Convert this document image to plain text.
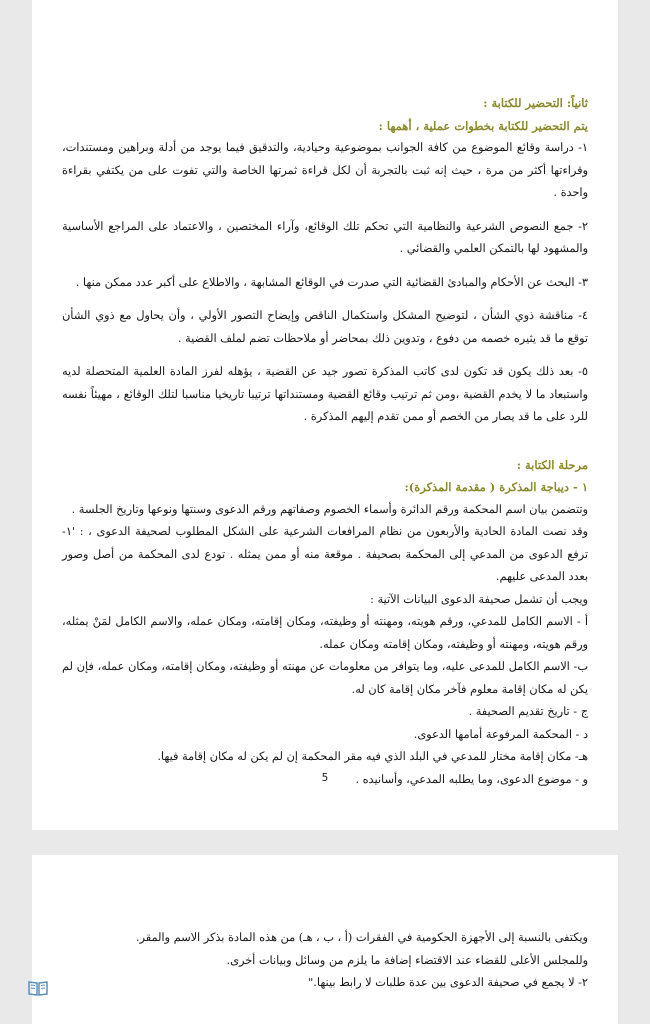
ثانياً: التحضير للكتابة :
يتم التحضير للكتابة بخطوات عملية ، أهمها :

١- دراسة وقائع الموضوع من كافة الجوانب بموضوعية وحيادية، والتدقيق فيما يوجد من أدلة وبراهين ومستندات، وقراءتها أكثر من مرة ، حيث إنه ثبت بالتجربة أن لكل قراءة ثمرتها الخاصة والتي تفوت على من يكتفي بقراءة واحدة .

٢- جمع النصوص الشرعية والنظامية التي تحكم تلك الوقائع، وآراء المختصين ، والاعتماد على المراجع الأساسية والمشهود لها بالتمكن العلمي والقضائي .

٣- البحث عن الأحكام والمبادئ القضائية التي صدرت في الوقائع المشابهة ، والاطلاع على أكبر عدد ممكن منها .

٤- مناقشة ذوي الشأن ، لتوضيح المشكل واستكمال الناقص وإيضاح التصور الأولي ، وأن يحاول مع ذوي الشأن توقع ما قد يثيره خصمه من دفوع ، وتدوين ذلك بمحاضر أو ملاحظات تضم لملف القضية .

٥- بعد ذلك يكون قد تكون لدى كاتب المذكرة تصور جيد عن القضية ، يؤهله لفرز المادة العلمية المتحصلة لديه واستبعاد ما لا يخدم القضية ،ومن ثم ترتيب وقائع القضية ومستنداتها ترتيبا تاريخيا مناسبا لتلك الوقائع ، مهيئاً نفسه للرد على ما قد يصار من الخصم أو ممن تقدم إليهم المذكرة .

مرحلة الكتابة :
١ - ديباجة المذكرة ( مقدمة المذكرة):

وتتضمن بيان اسم المحكمة ورقم الدائرة وأسماء الخصوم وصفاتهم ورقم الدعوى وسنتها ونوعها وتاريخ الجلسة .

وقد نصت المادة الحادية والأربعون من نظام المرافعات الشرعية على الشكل المطلوب لصحيفة الدعوى ، : '١- ترفع الدعوى من المدعي إلى المحكمة بصحيفة . موقعة منه أو ممن يمثله . تودع لدى المحكمة من أصل وصور بعدد المدعى عليهم.

ويجب أن تشمل صحيفة الدعوى البيانات الآتية :

أ - الاسم الكامل للمدعي، ورقم هويته، ومهنته أو وظيفته، ومكان إقامته، ومكان عمله، والاسم الكامل لمَنْ يمثله، ورقم هويته، ومهنته أو وظيفته، ومكان إقامته ومكان عمله.

ب- الاسم الكامل للمدعى عليه، وما يتوافر من معلومات عن مهنته أو وظيفته، ومكان إقامته، ومكان عمله، فإن لم يكن له مكان إقامة معلوم فآخر مكان إقامة كان له.

ج - تاريخ تقديم الصحيفة .

د - المحكمة المرفوعة أمامها الدعوى.

هـ- مكان إقامة مختار للمدعي في البلد الذي فيه مقر المحكمة إن لم يكن له مكان إقامة فيها.

و - موضوع الدعوى، وما يطلبه المدعي، وأسانيده .

5

ويكتفى بالنسبة إلى الأجهزة الحكومية في الفقرات (أ ، ب ، هـ) من هذه المادة بذكر الاسم والمقر.

وللمجلس الأعلى للقضاء عند الاقتضاء إضافة ما يلزم من وسائل وبيانات أخرى.

٢- لا يجمع في صحيفة الدعوى بين عدة طلبات لا رابط بينها."
